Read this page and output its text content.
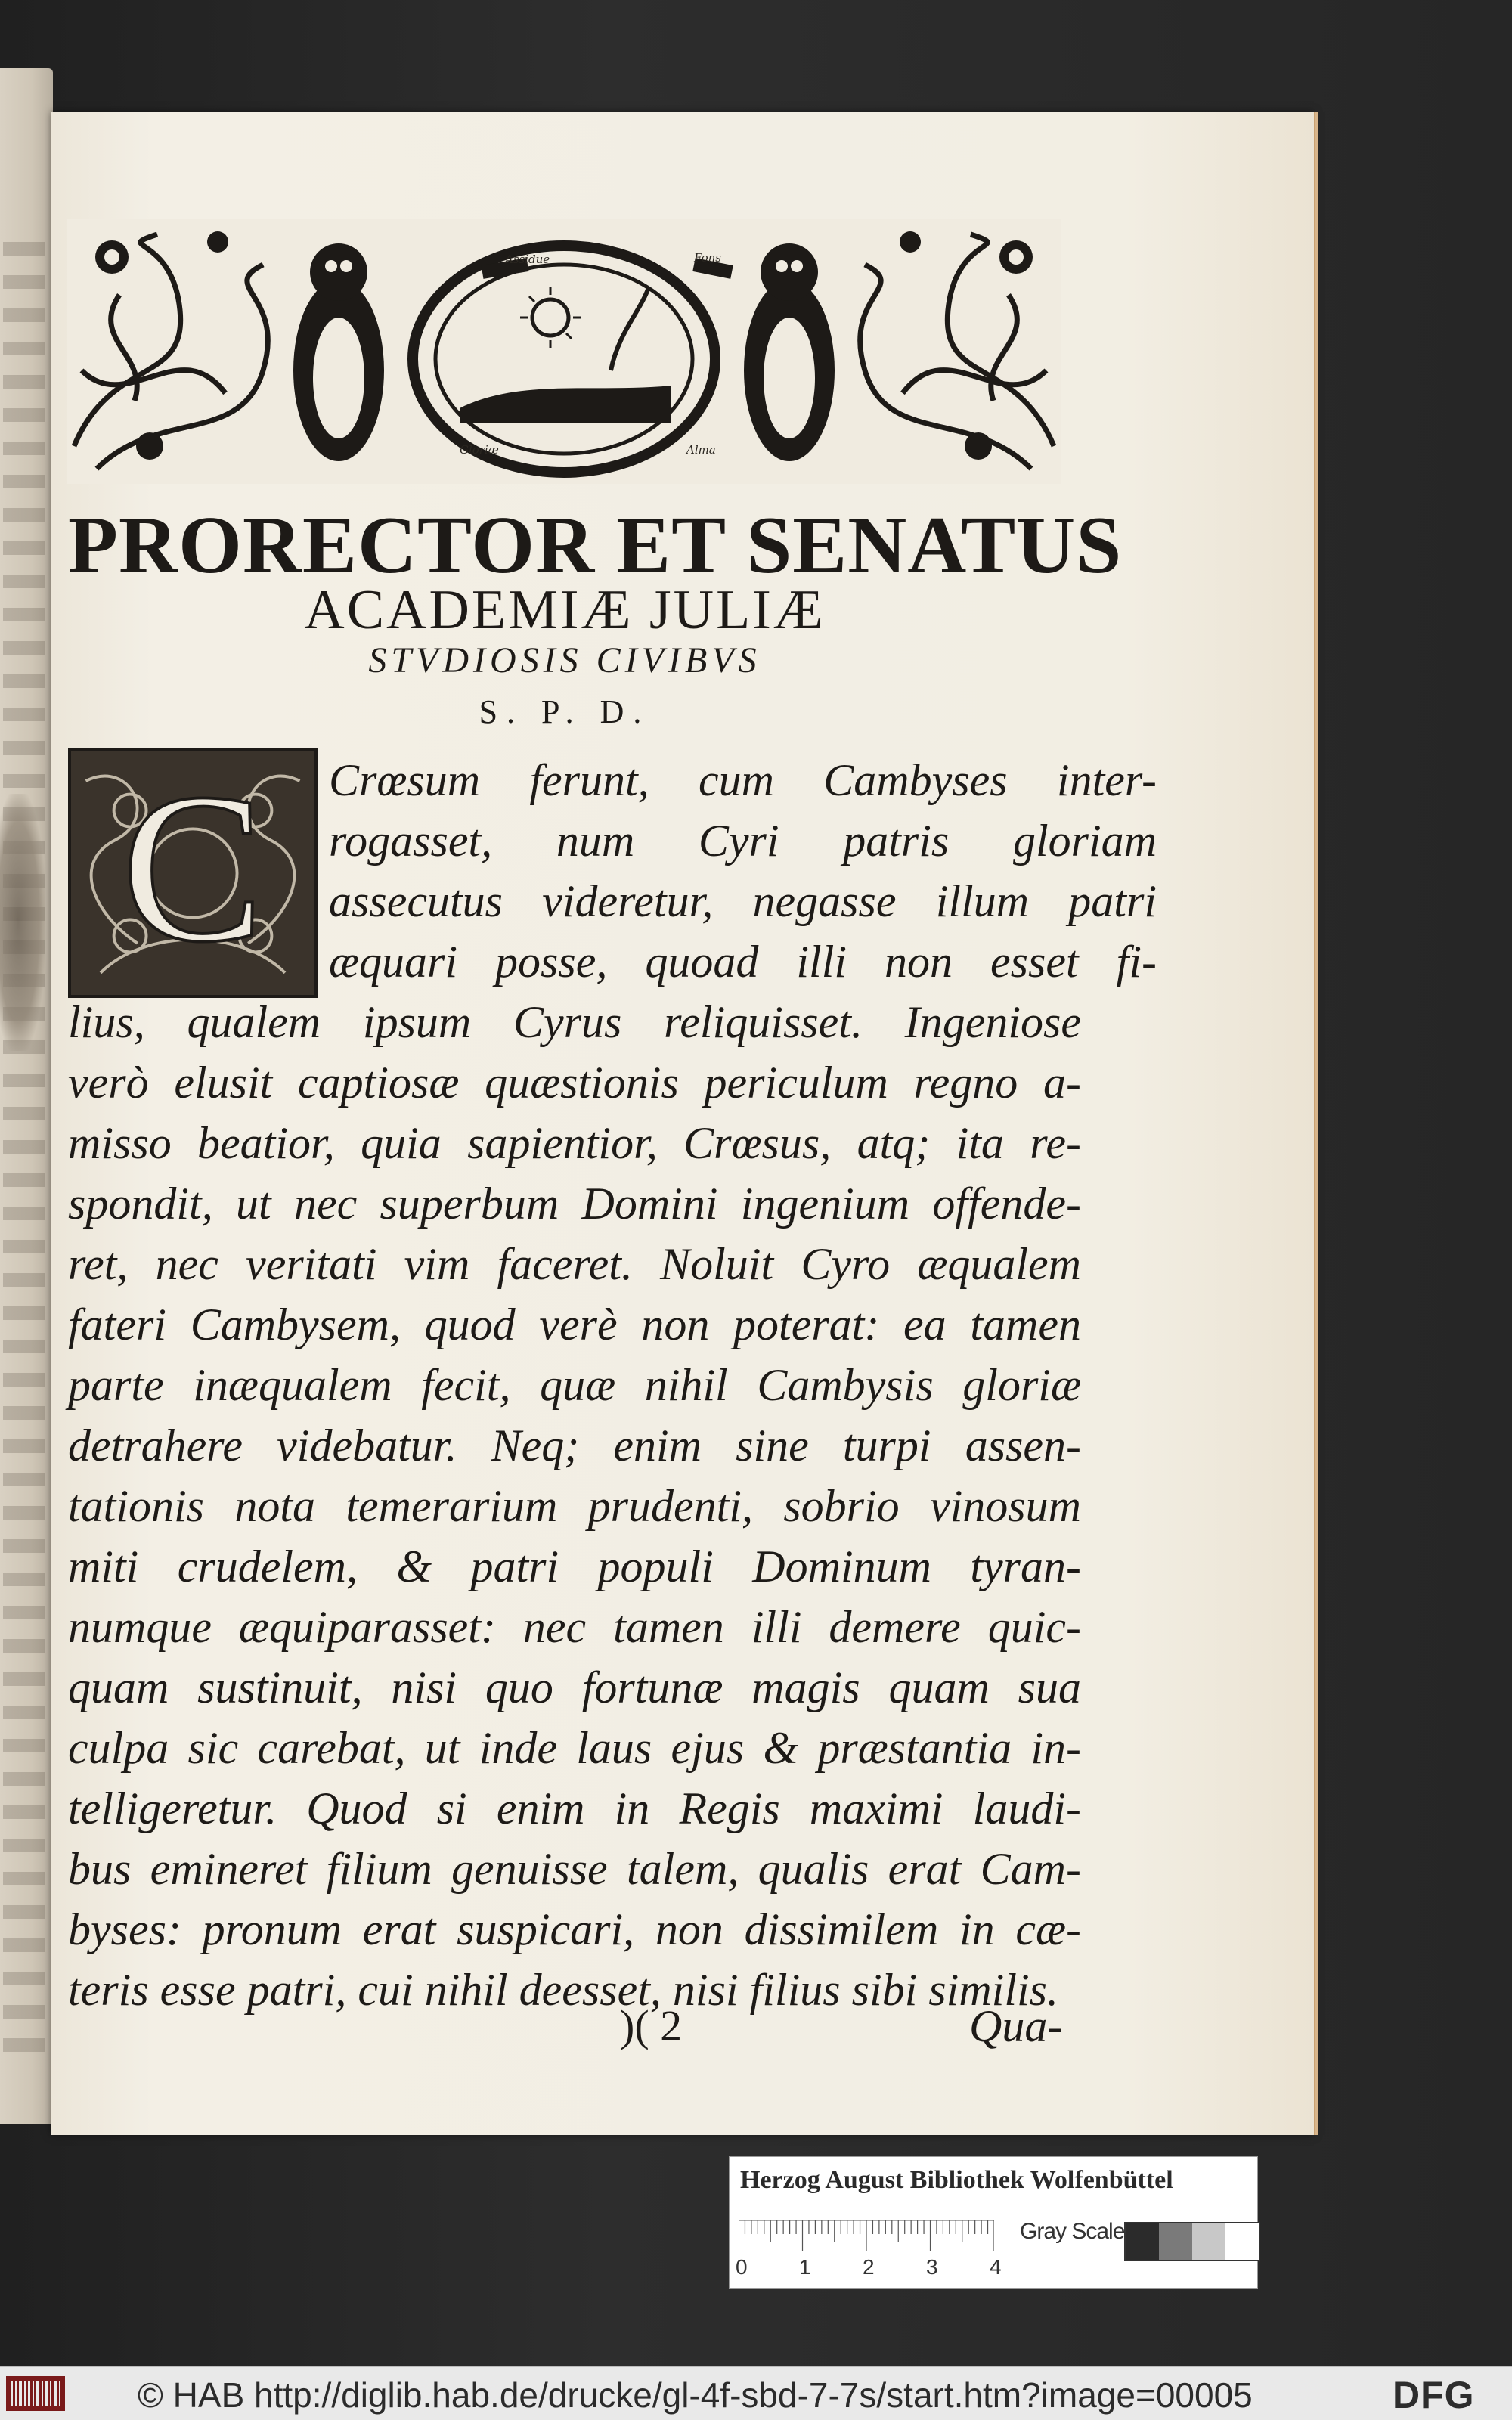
Assidue	Fons
Gloriæ	Alma
PRORECTOR ET SENATUS
ACADEMIÆ JULIÆ
STVDIOSIS CIVIBVS
S. P. D.
C Crœsum ferunt, cum Cambyses inter-
rogasset, num Cyri patris gloriam
assecutus videretur, negasse illum patri
æquari posse, quoad illi non esset fi-
lius, qualem ipsum Cyrus reliquisset. Ingeniose
verò elusit captiosæ quæstionis periculum regno a-
misso beatior, quia sapientior, Crœsus, atq; ita re-
spondit, ut nec superbum Domini ingenium offende-
ret, nec veritati vim faceret. Noluit Cyro æqualem
fateri Cambysem, quod verè non poterat: ea tamen
parte inæqualem fecit, quæ nihil Cambysis gloriæ
detrahere videbatur. Neq; enim sine turpi assen-
tationis nota temerarium prudenti, sobrio vinosum
miti crudelem, & patri populi Dominum tyran-
numque æquiparasset: nec tamen illi demere quic-
quam sustinuit, nisi quo fortunæ magis quam sua
culpa sic carebat, ut inde laus ejus & præstantia in-
telligeretur. Quod si enim in Regis maximi laudi-
bus emineret filium genuisse talem, qualis erat Cam-
byses: pronum erat suspicari, non dissimilem in cæ-
teris esse patri, cui nihil deesset, nisi filius sibi similis.
)( 2	Qua-
Herzog August Bibliothek Wolfenbüttel
0 1 2 3 4
Gray Scale
© HAB http://diglib.hab.de/drucke/gl-4f-sbd-7-7s/start.htm?image=00005	DFG
